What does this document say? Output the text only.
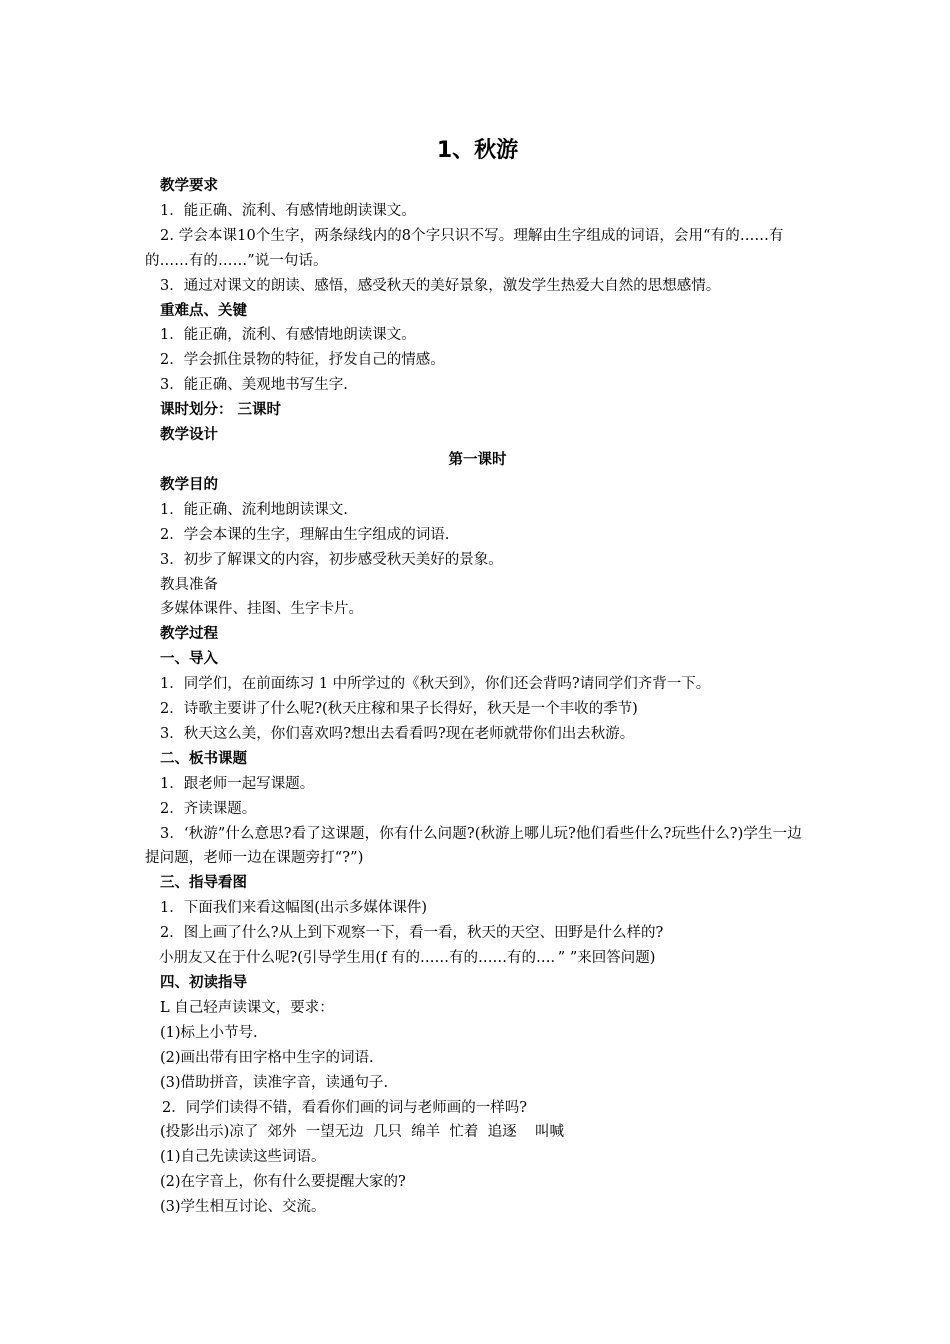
1、秋游

教学要求

1．能正确、流利、有感情地朗读课文。

2. 学会本课10个生字，两条绿线内的8个字只识不写。理解由生字组成的词语，会用“有的……有的……有的……”说一句话。

3．通过对课文的朗读、感悟，感受秋天的美好景象，激发学生热爱大自然的思想感情。

重难点、关键

1．能正确，流利、有感情地朗读课文。

2．学会抓住景物的特征，抒发自己的情感。

3．能正确、美观地书写生字.

课时划分： 三课时

教学设计

第一课时

教学目的

1．能正确、流利地朗读课文.

2．学会本课的生字，理解由生字组成的词语.

3．初步了解课文的内容，初步感受秋天美好的景象。

教具准备

多媒体课件、挂图、生字卡片。

教学过程

一、导入

1．同学们，在前面练习 1 中所学过的《秋天到》，你们还会背吗?请同学们齐背一下。

2．诗歌主要讲了什么呢?(秋天庄稼和果子长得好，秋天是一个丰收的季节)

3．秋天这么美，你们喜欢吗?想出去看看吗?现在老师就带你们出去秋游。

二、板书课题

1．跟老师一起写课题。

2．齐读课题。

3．‘秋游”什么意思?看了这课题，你有什么问题?(秋游上哪儿玩?他们看些什么?玩些什么?)学生一边提问题，老师一边在课题旁打“?”)

三、指导看图

1．下面我们来看这幅图(出示多媒体课件)

2．图上画了什么?从上到下观察一下，看一看，秋天的天空、田野是什么样的?

小朋友又在于什么呢?(引导学生用(f 有的……有的……有的…．” ”来回答问题)

四、初读指导

L 自己轻声读课文，要求：

(1)标上小节号.

(2)画出带有田字格中生字的词语.

(3)借助拼音，读准字音，读通句子.

2．同学们读得不错，看看你们画的词与老师画的一样吗?

(投影出示)凉了  郊外  一望无边  几只  绵羊  忙着  追逐    叫喊

(1)自己先读读这些词语。

(2)在字音上，你有什么要提醒大家的?

(3)学生相互讨论、交流。
